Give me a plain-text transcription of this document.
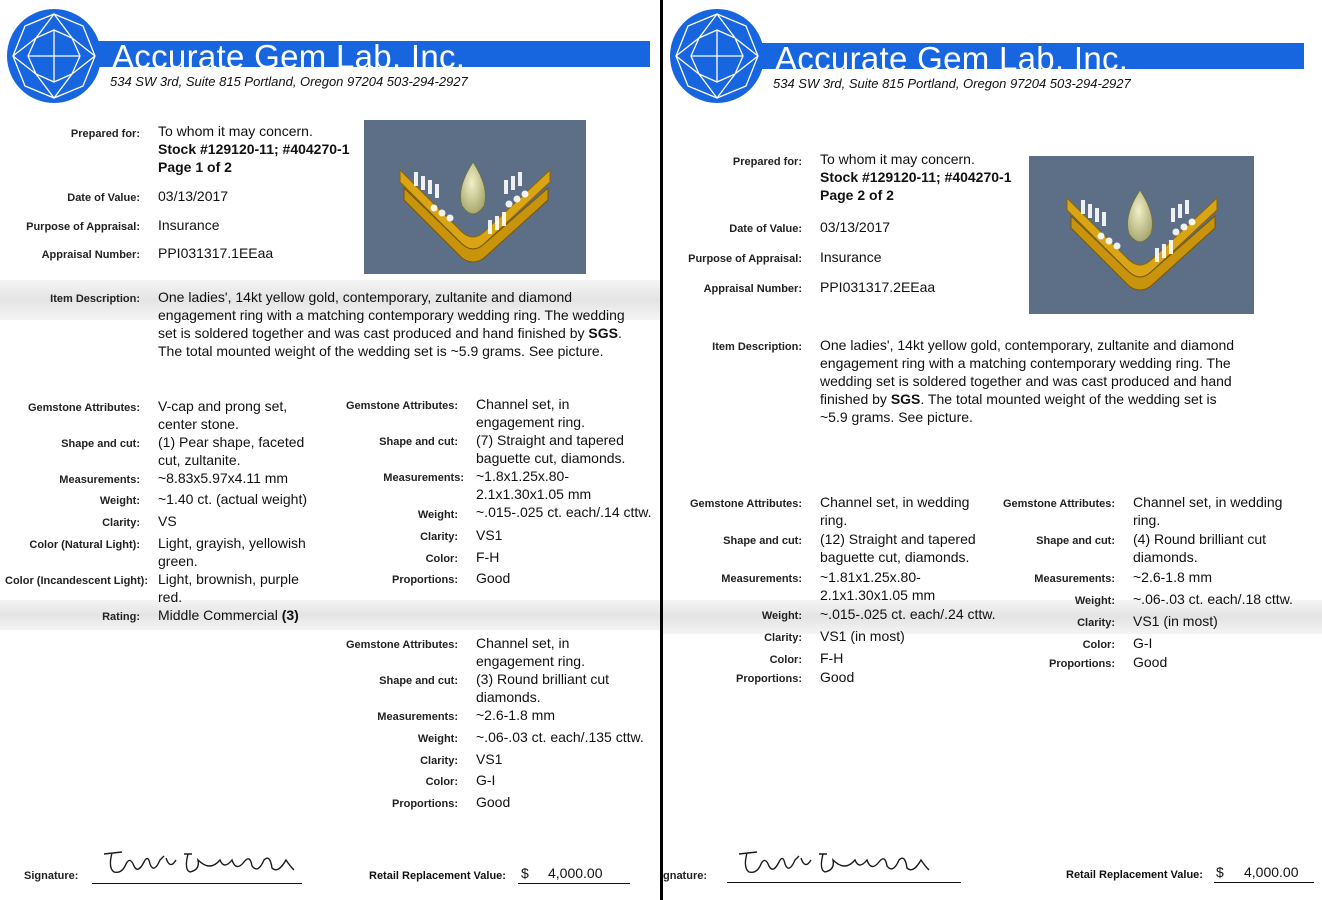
Accurate Gem Lab, Inc.
534 SW 3rd, Suite 815 Portland, Oregon 97204 503-294-2927
Prepared for: To whom it may concern.
Stock #129120-11; #404270-1
Page 1 of 2
Date of Value: 03/13/2017
Purpose of Appraisal: Insurance
Appraisal Number: PPI031317.1EEaa
Item Description: One ladies', 14kt yellow gold, contemporary, zultanite and diamond
engagement ring with a matching contemporary wedding ring. The wedding
set is soldered together and was cast produced and hand finished by SGS.
The total mounted weight of the wedding set is ~5.9 grams. See picture.
Gemstone Attributes: V-cap and prong set,
center stone.
Shape and cut: (1) Pear shape, faceted
cut, zultanite.
Measurements: ~8.83x5.97x4.11 mm
Weight: ~1.40 ct. (actual weight)
Clarity: VS
Color (Natural Light): Light, grayish, yellowish
green.
Color (Incandescent Light): Light, brownish, purple
red.
Rating: Middle Commercial (3)
Gemstone Attributes: Channel set, in
engagement ring.
Shape and cut: (7) Straight and tapered
baguette cut, diamonds.
Measurements: ~1.8x1.25x.80-
2.1x1.30x1.05 mm
Weight: ~.015-.025 ct. each/.14 cttw.
Clarity: VS1
Color: F-H
Proportions: Good
Gemstone Attributes: Channel set, in
engagement ring.
Shape and cut: (3) Round brilliant cut
diamonds.
Measurements: ~2.6-1.8 mm
Weight: ~.06-.03 ct. each/.135 cttw.
Clarity: VS1
Color: G-I
Proportions: Good
Signature:	Retail Replacement Value: $ 4,000.00
Accurate Gem Lab, Inc.
534 SW 3rd, Suite 815 Portland, Oregon 97204 503-294-2927
Prepared for: To whom it may concern.
Stock #129120-11; #404270-1
Page 2 of 2
Date of Value: 03/13/2017
Purpose of Appraisal: Insurance
Appraisal Number: PPI031317.2EEaa
Item Description: One ladies', 14kt yellow gold, contemporary, zultanite and diamond
engagement ring with a matching contemporary wedding ring. The
wedding set is soldered together and was cast produced and hand
finished by SGS. The total mounted weight of the wedding set is
~5.9 grams. See picture.
Gemstone Attributes: Channel set, in wedding
ring.
Shape and cut: (12) Straight and tapered
baguette cut, diamonds.
Measurements: ~1.81x1.25x.80-
2.1x1.30x1.05 mm
Weight: ~.015-.025 ct. each/.24 cttw.
Clarity: VS1 (in most)
Color: F-H
Proportions: Good
Gemstone Attributes: Channel set, in wedding
ring.
Shape and cut: (4) Round brilliant cut
diamonds.
Measurements: ~2.6-1.8 mm
Weight: ~.06-.03 ct. each/.18 cttw.
Clarity: VS1 (in most)
Color: G-I
Proportions: Good
gnature:	Retail Replacement Value: $ 4,000.00
